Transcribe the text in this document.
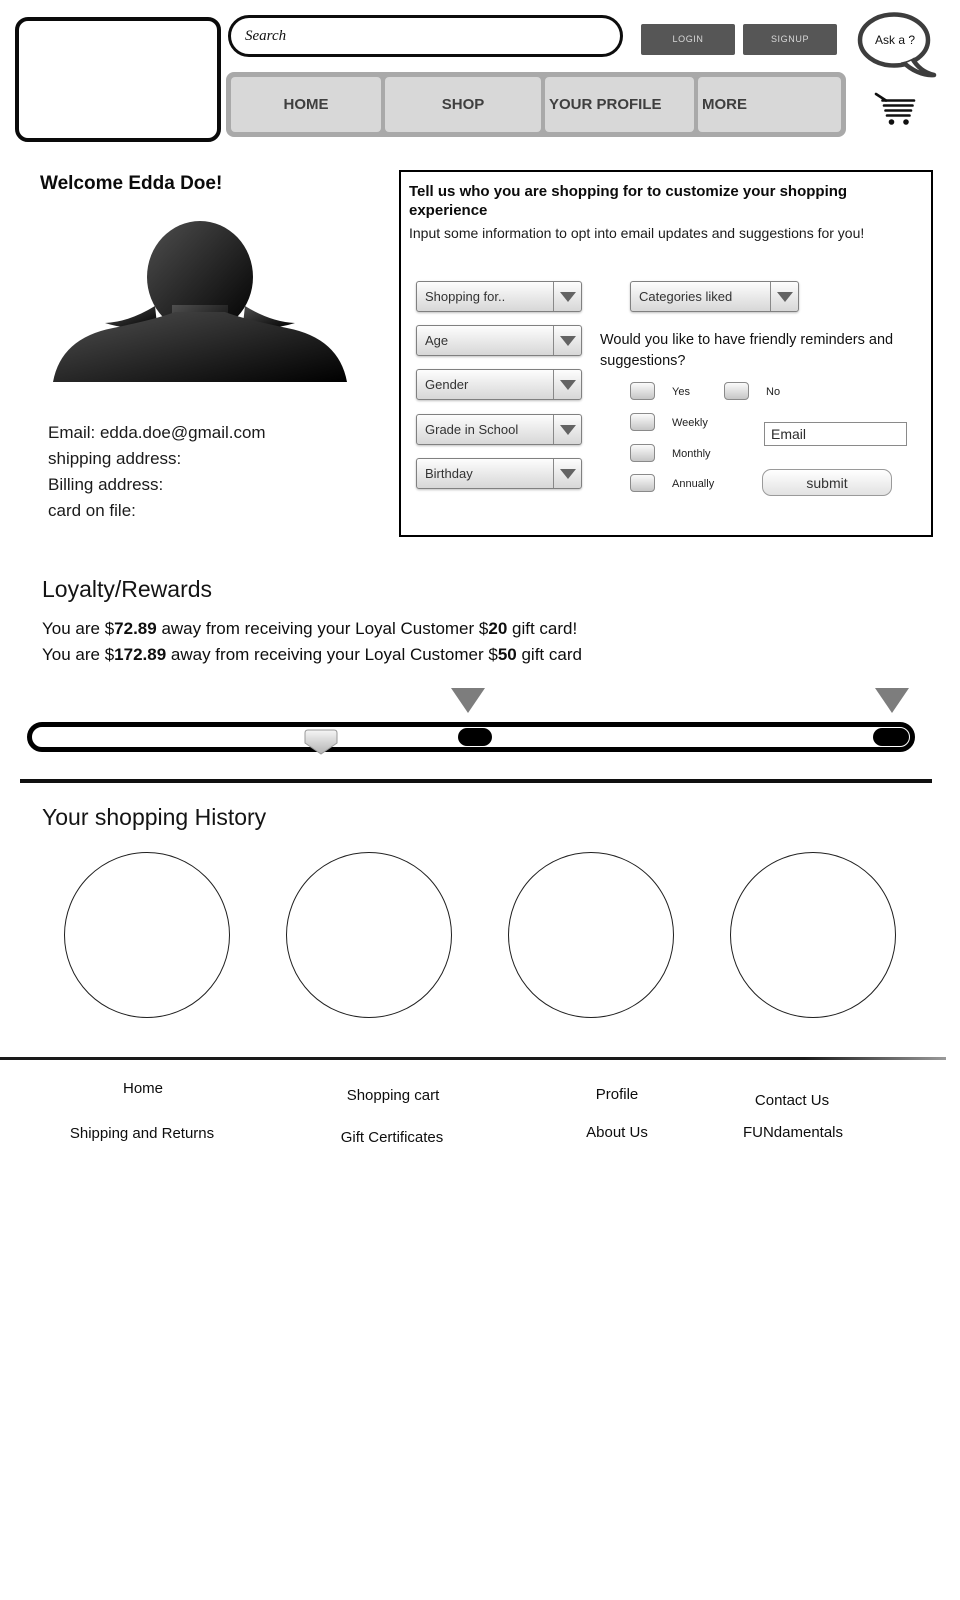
Search
LOGIN	SIGNUP	Ask a ?
HOME	SHOP	YOUR PROFILE	MORE
Welcome Edda Doe!
Email: edda.doe@gmail.com
shipping address:
Billing address:
card on file:
Tell us who you are shopping for to customize your shopping experience
Input some information to opt into email updates and suggestions for you!
Shopping for..
Age
Gender
Grade in School
Birthday
Categories liked
Would you like to have friendly reminders and suggestions?
Yes	No
Weekly
Monthly
Annually
Email	submit
Loyalty/Rewards
You are $72.89 away from receiving your Loyal Customer $20 gift card!
You are $172.89 away from receiving your Loyal Customer $50 gift card
Your shopping History
Home	Shopping cart	Profile	Contact Us
Shipping and Returns	Gift Certificates	About Us	FUNdamentals
